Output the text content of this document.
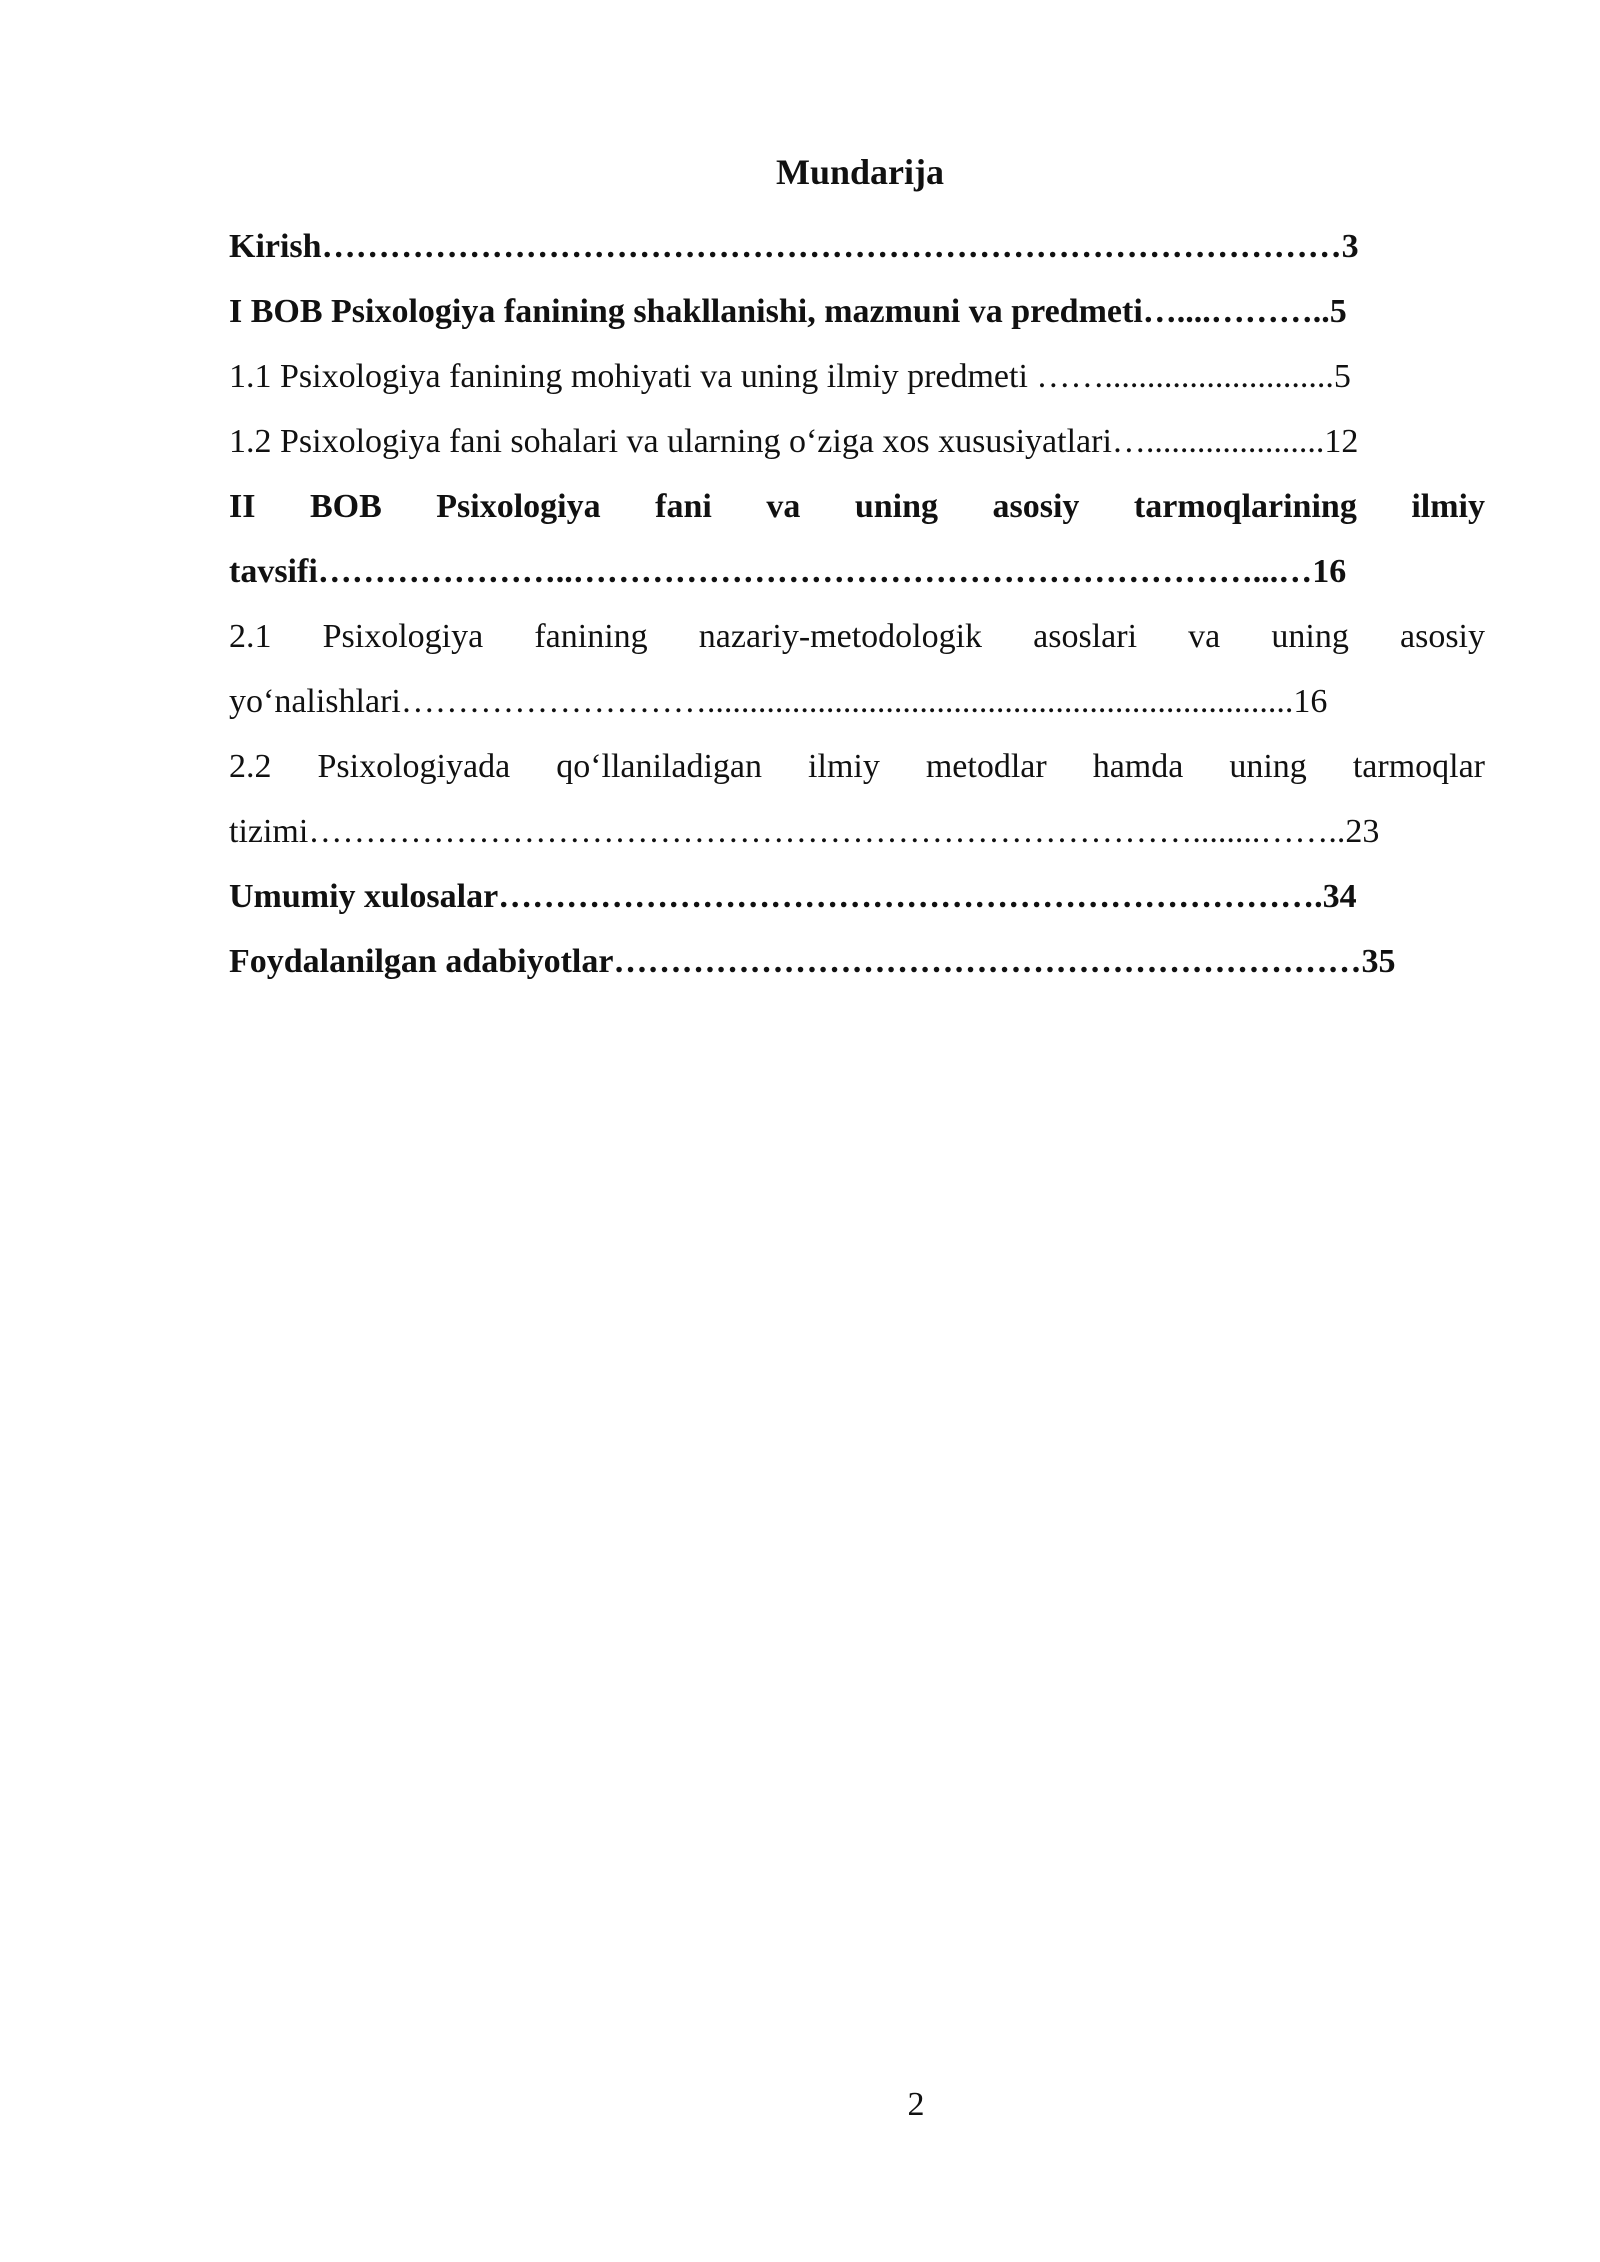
Mundarija
Kirish………………………………………………………………………………3
I BOB Psixologiya fanining shakllanishi, mazmuni va predmeti…....………..5
1.1 Psixologiya fanining mohiyati va uning ilmiy predmeti ……...........................5
1.2 Psixologiya fani sohalari va ularning o‘ziga xos xususiyatlari….....................12
II BOB Psixologiya fani va uning asosiy tarmoqlarining ilmiy
tavsifi…………………..……………………………………………………...…16
2.1 Psixologiya fanining nazariy-metodologik asoslari va uning asosiy
yo‘nalishlari……………………….....................................................................16
2.2 Psixologiyada qo‘llaniladigan ilmiy metodlar hamda uning tarmoqlar
tizimi……………………………………………………………………........……..23
Umumiy xulosalar……………………………………………………………….34
Foydalanilgan adabiyotlar…………………………………………………………35
2
